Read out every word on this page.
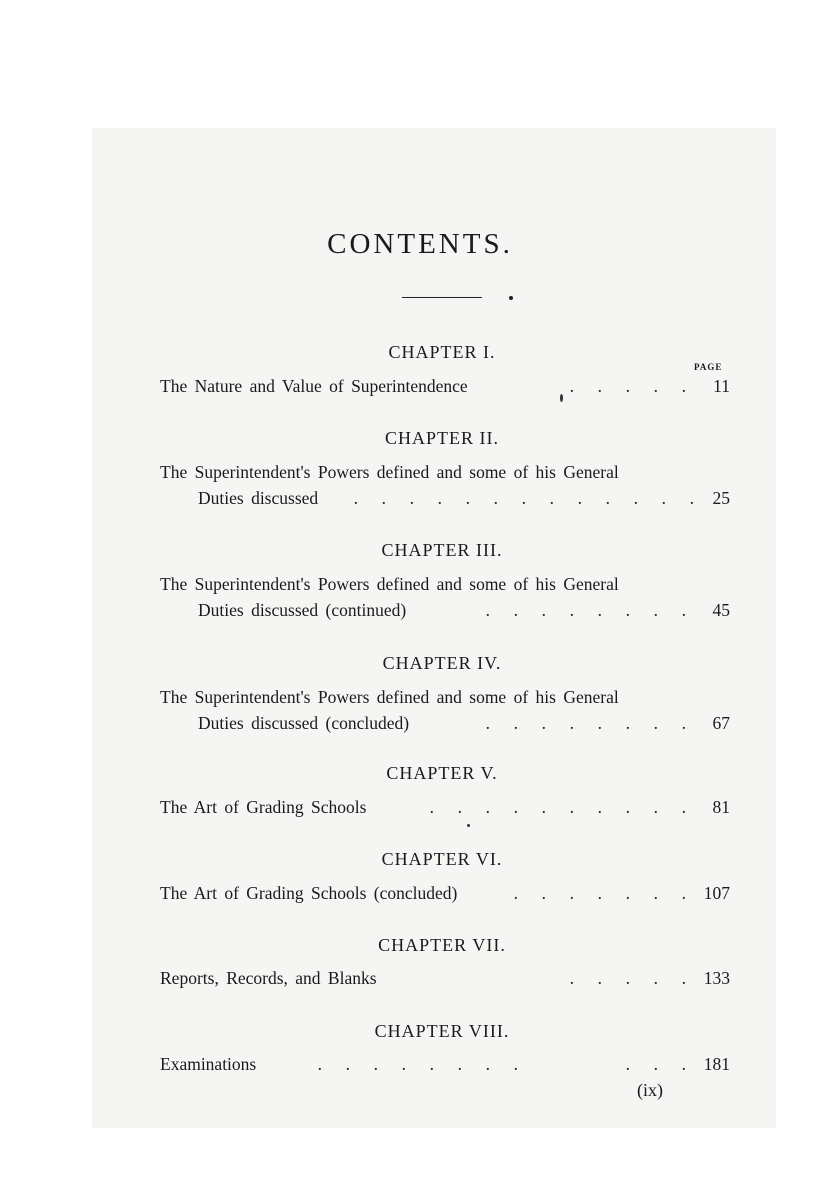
CONTENTS.
PAGE
CHAPTER I.
The Nature and Value of Superintendence	. . . . .	11
CHAPTER II.
The Superintendent's Powers defined and some of his General
Duties discussed	. . . . . . . . . . . . .	25
CHAPTER III.
The Superintendent's Powers defined and some of his General
Duties discussed (continued)	. . . . . . . .	45
CHAPTER IV.
The Superintendent's Powers defined and some of his General
Duties discussed (concluded)	. . . . . . . .	67
CHAPTER V.
The Art of Grading Schools	. . . . . . . . . .	81
CHAPTER VI.
The Art of Grading Schools (concluded)	. . . . . . .	107
CHAPTER VII.
Reports, Records, and Blanks	. . . . .	133
CHAPTER VIII.
Examinations	. . . . . . . .	. . .	181
(ix)
